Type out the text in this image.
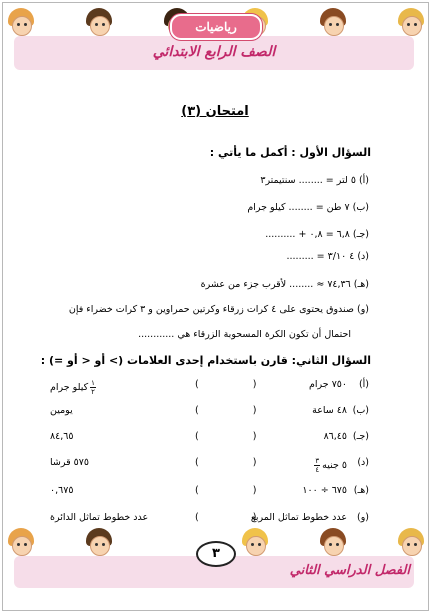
رياضيات
الصف الرابع الابتدائي
امتحان (٣)
السؤال الأول : أكمل ما يأتي :
(أ) ٥ لتر = ........ سنتيمتر٣
(ب) ٧ طن = ........ كيلو جرام
(جـ) ٦,٨ = ٠,٨ + ..........
(د) ٤ ٣/١٠ = .........
(هـ) ٧٤,٣٦ ≈ ........ لأقرب جزء من عشرة
(و) صندوق يحتوى على ٤ كرات زرقاء وكرتين حمراوين و ٣ كرات خضراء فإن
احتمال أن تكون الكرة المسحوبة الزرقاء هي ............
السؤال الثاني: قارن باستخدام إحدى العلامات (> أو < أو =) :
(أ)
٧٥٠ جرام
(  )
$\frac{١}{٢}$
كيلو جرام
(ب)
٤٨ ساعة
(  )
يومين
(جـ)
٨٦,٤٥
(  )
٨٤,٦٥
(د)
٥ جنيه
$\frac{٣}{٤}$
(  )
٥٧٥ قرشا
(هـ)
٦٧٥ ÷ ١٠٠
(  )
٠,٦٧٥
(و)
عدد خطوط تماثل المربع
(  )
عدد خطوط تماثل الدائرة
٣
الفصل الدراسي الثاني
